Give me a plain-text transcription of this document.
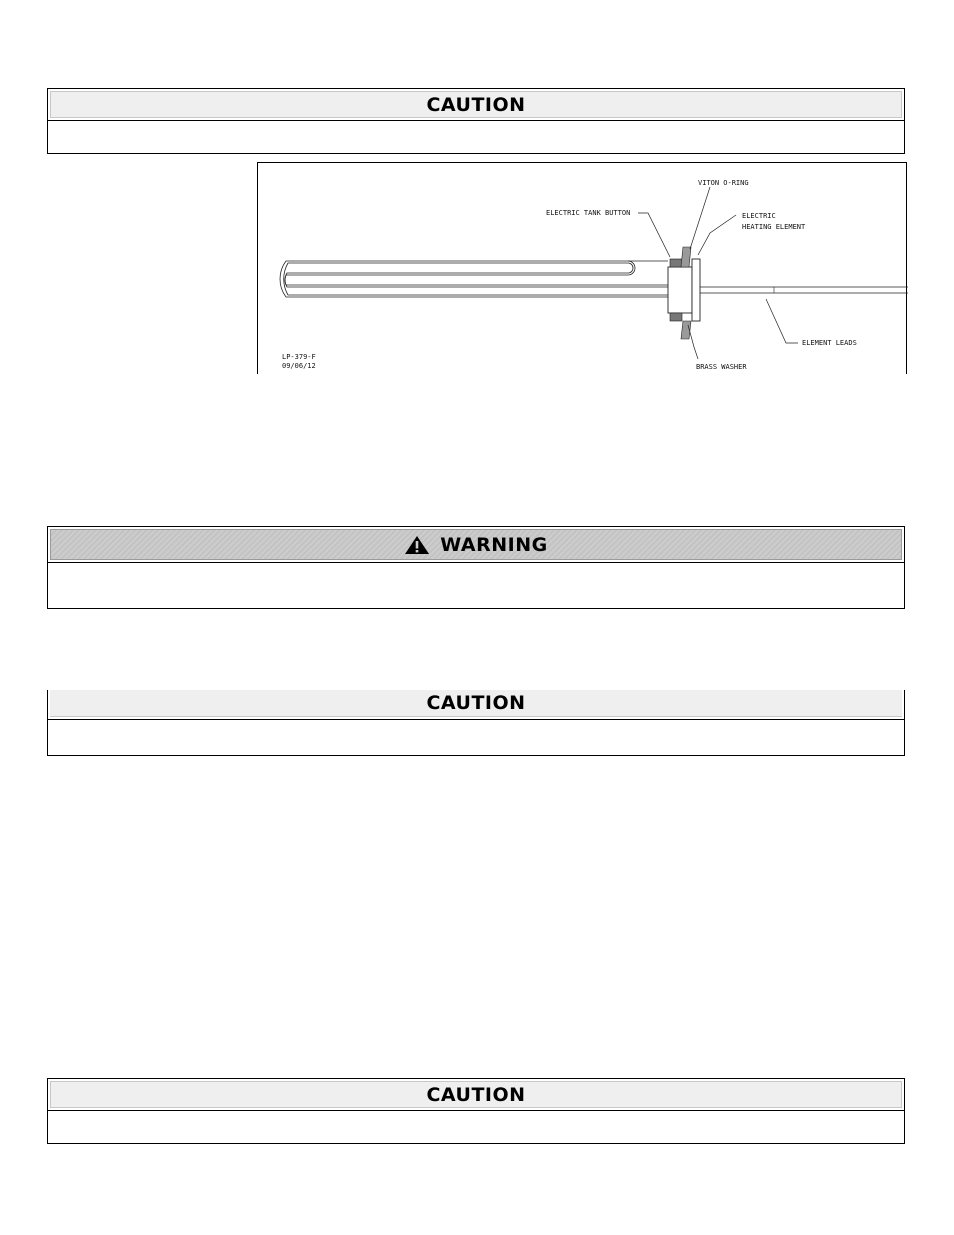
CAUTION
VITON O-RING
ELECTRIC TANK BUTTON	ELECTRIC
HEATING ELEMENT
ELEMENT LEADS
BRASS WASHER
LP-379-F
09/06/12
WARNING
CAUTION
CAUTION
